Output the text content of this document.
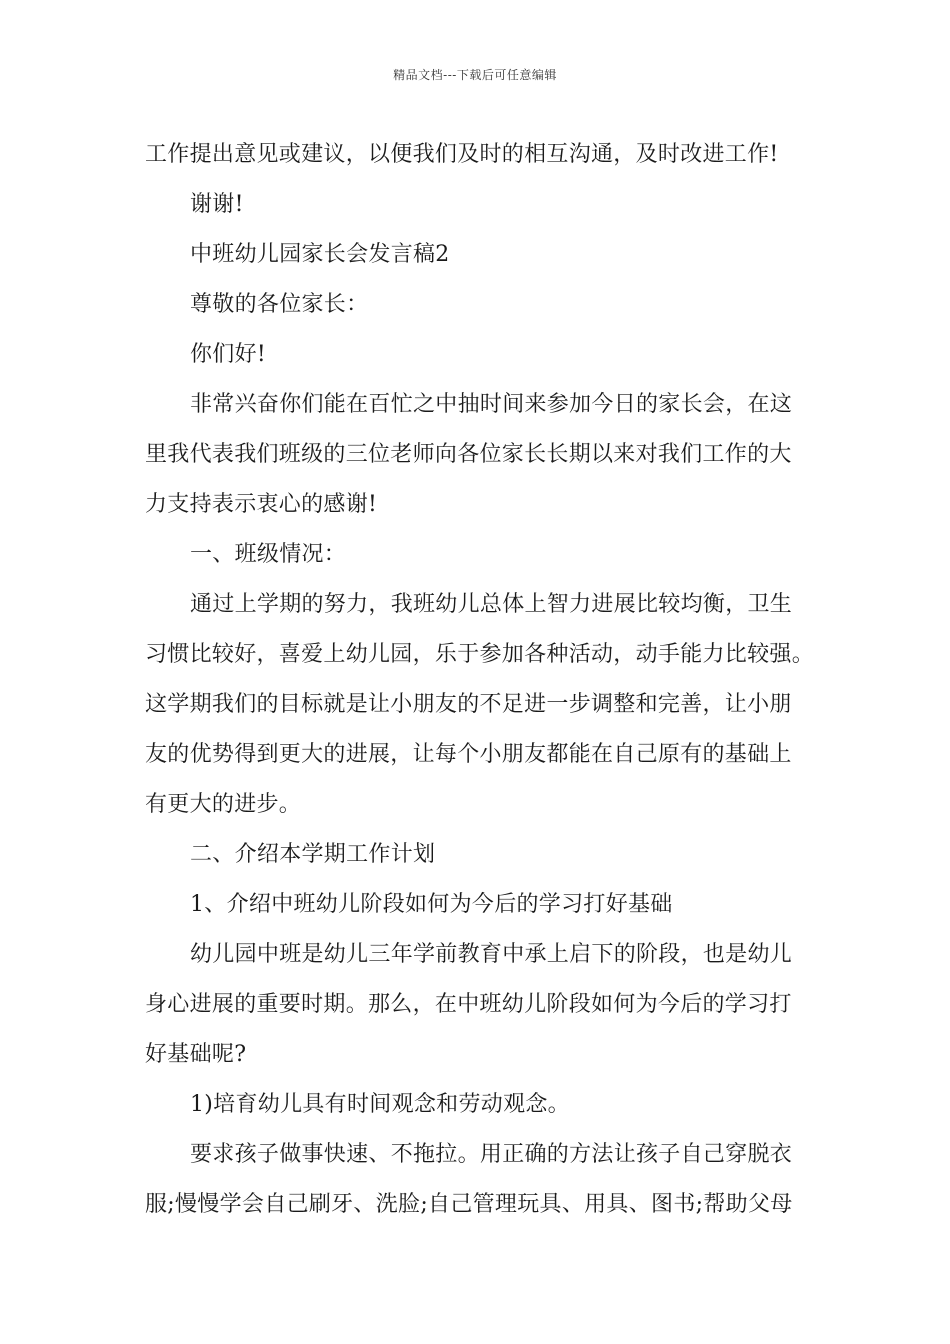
精品文档---下载后可任意编辑
工作提出意见或建议，以便我们及时的相互沟通，及时改进工作!
谢谢!
中班幼儿园家长会发言稿2
尊敬的各位家长：
你们好!
非常兴奋你们能在百忙之中抽时间来参加今日的家长会，在这
里我代表我们班级的三位老师向各位家长长期以来对我们工作的大
力支持表示衷心的感谢!
一、班级情况：
通过上学期的努力，我班幼儿总体上智力进展比较均衡，卫生
习惯比较好，喜爱上幼儿园，乐于参加各种活动，动手能力比较强。
这学期我们的目标就是让小朋友的不足进一步调整和完善，让小朋
友的优势得到更大的进展，让每个小朋友都能在自己原有的基础上
有更大的进步。
二、介绍本学期工作计划
1、介绍中班幼儿阶段如何为今后的学习打好基础
幼儿园中班是幼儿三年学前教育中承上启下的阶段，也是幼儿
身心进展的重要时期。那么，在中班幼儿阶段如何为今后的学习打
好基础呢?
1)培育幼儿具有时间观念和劳动观念。
要求孩子做事快速、不拖拉。用正确的方法让孩子自己穿脱衣
服;慢慢学会自己刷牙、洗脸;自己管理玩具、用具、图书;帮助父母
